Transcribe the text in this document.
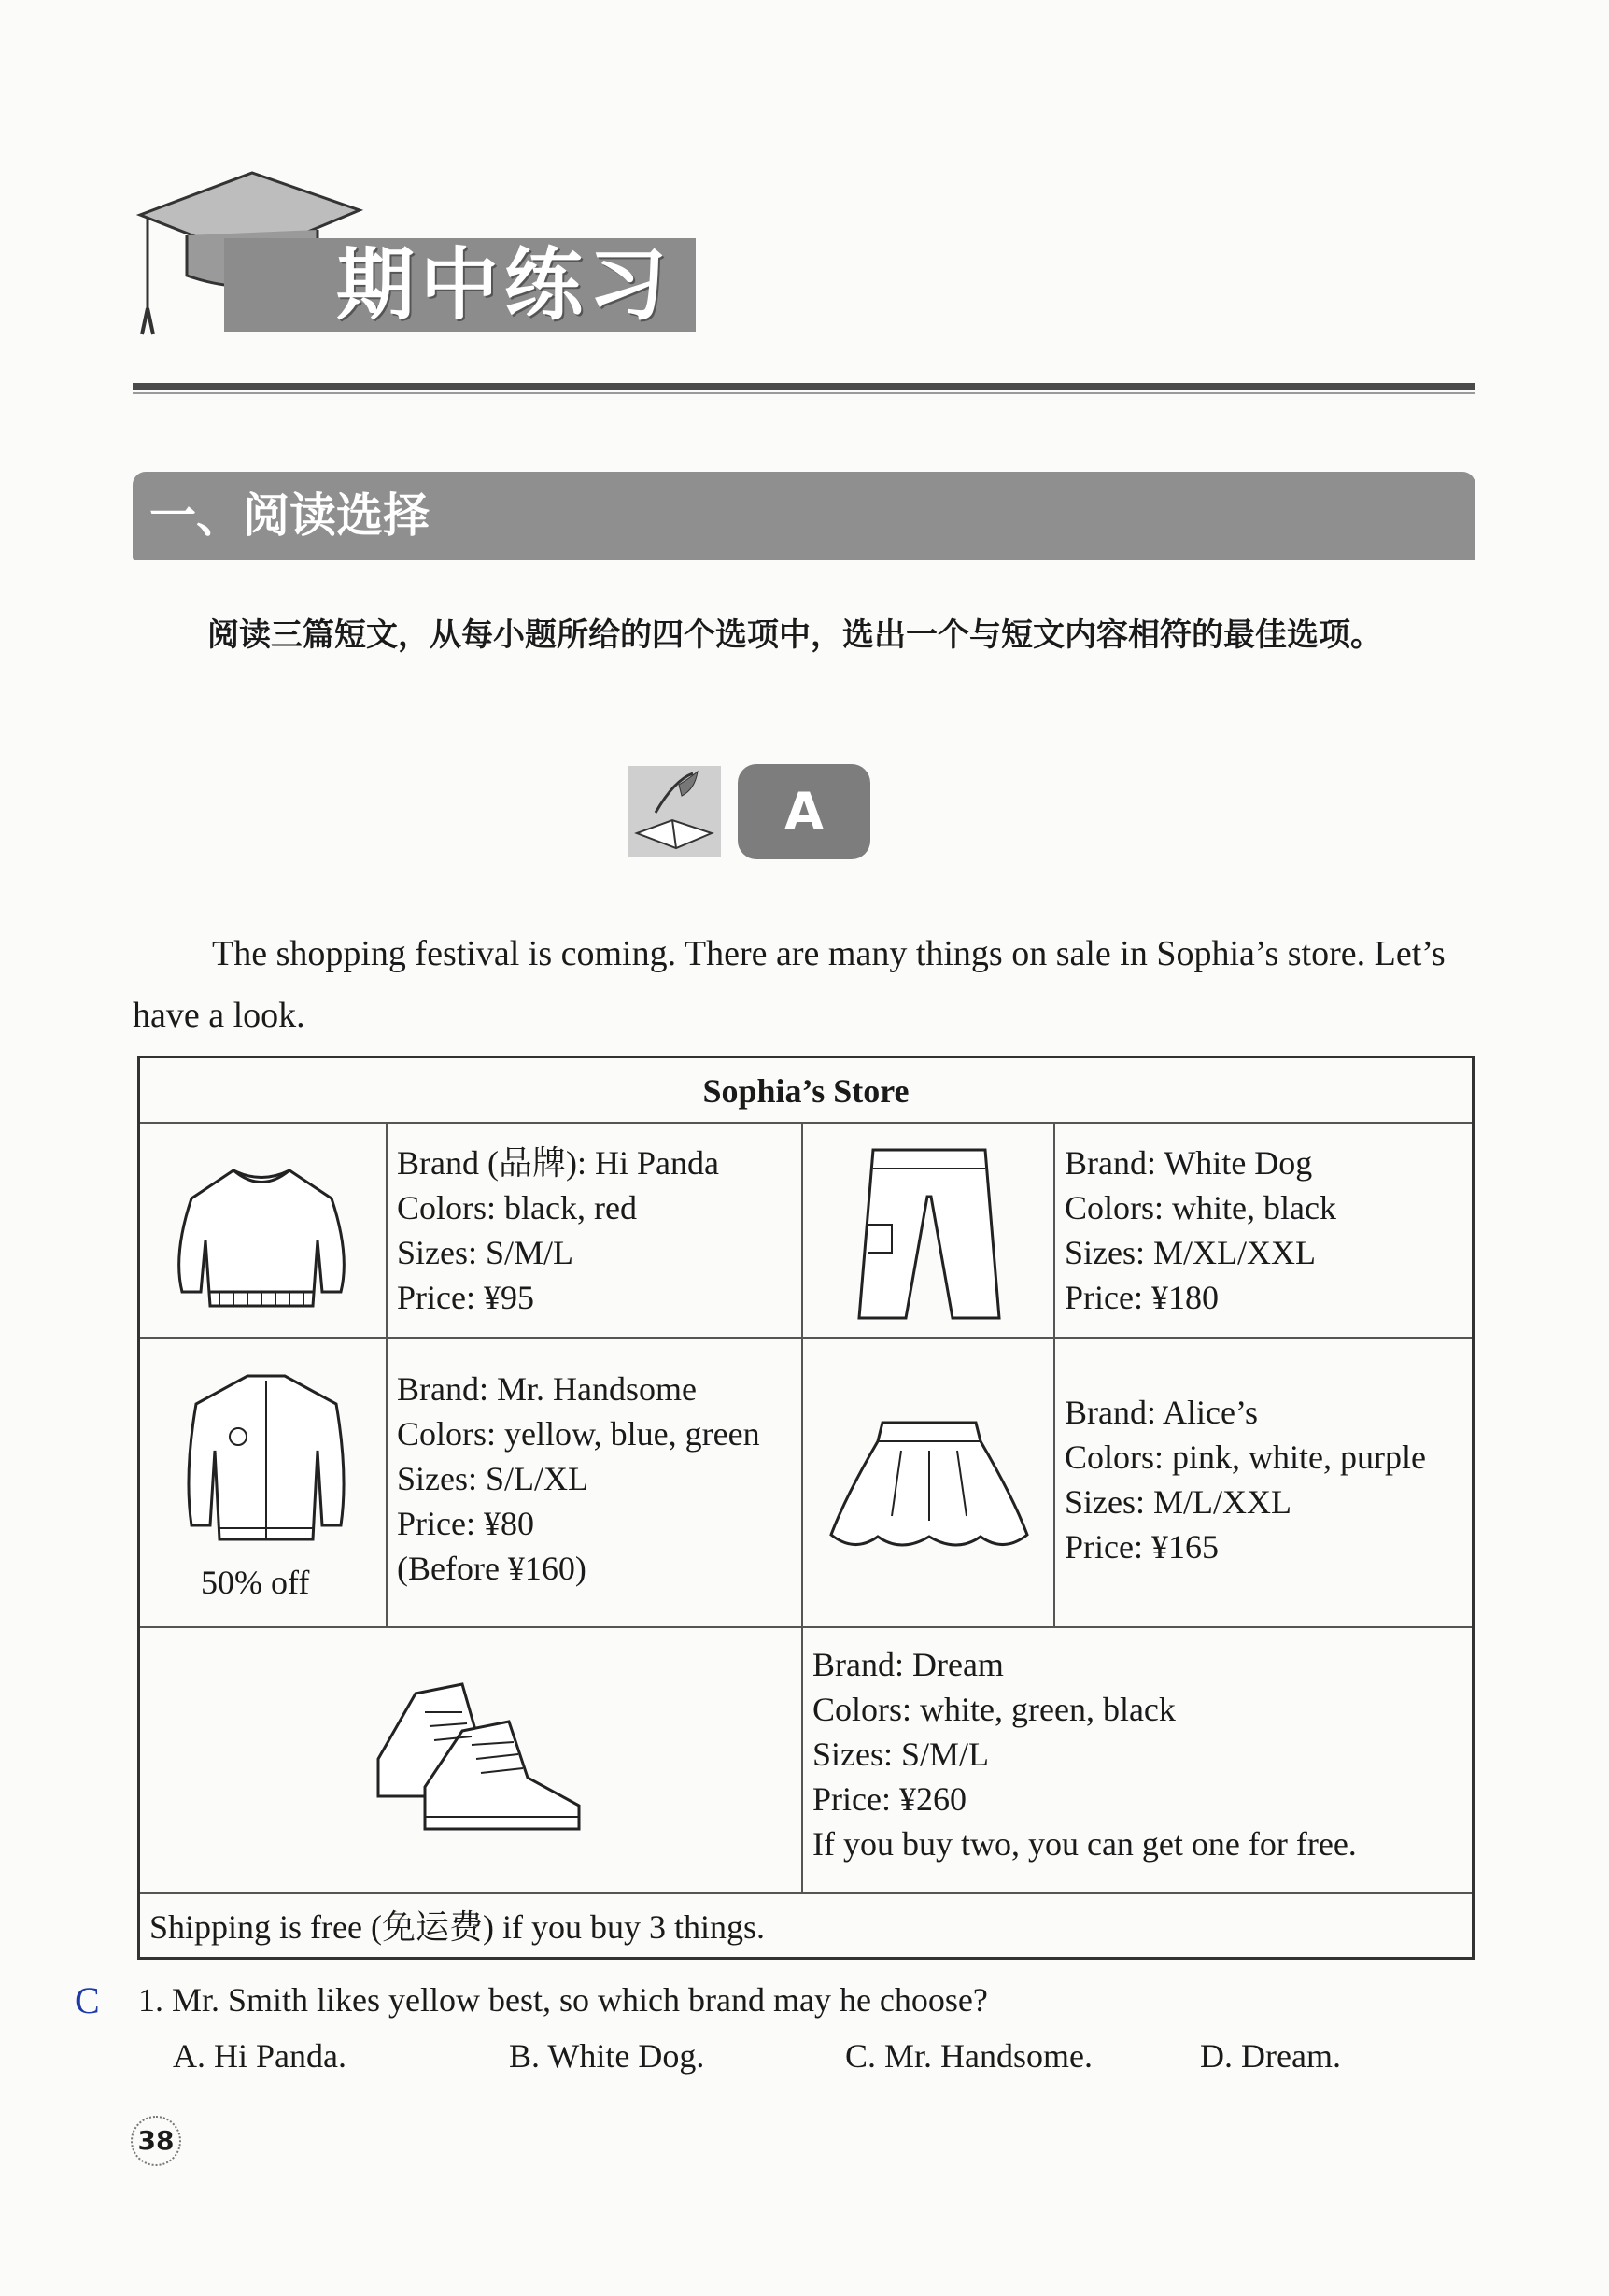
期中练习
一、阅读选择

阅读三篇短文，从每小题所给的四个选项中，选出一个与短文内容相符的最佳选项。

A

The shopping festival is coming. There are many things on sale in Sophia’s store. Let’s have a look.

Sophia’s Store
Brand (品牌): Hi Panda
Colors: black, red
Sizes: S/M/L
Price: ¥95
Brand: White Dog
Colors: white, black
Sizes: M/XL/XXL
Price: ¥180
50% off
Brand: Mr. Handsome
Colors: yellow, blue, green
Sizes: S/L/XL
Price: ¥80
(Before ¥160)
Brand: Alice’s
Colors: pink, white, purple
Sizes: M/L/XXL
Price: ¥165
Brand: Dream
Colors: white, green, black
Sizes: S/M/L
Price: ¥260
If you buy two, you can get one for free.
Shipping is free (免运费) if you buy 3 things.
C 1. Mr. Smith likes yellow best, so which brand may he choose?
A. Hi Panda.	B. White Dog.	C. Mr. Handsome.	D. Dream.
38
